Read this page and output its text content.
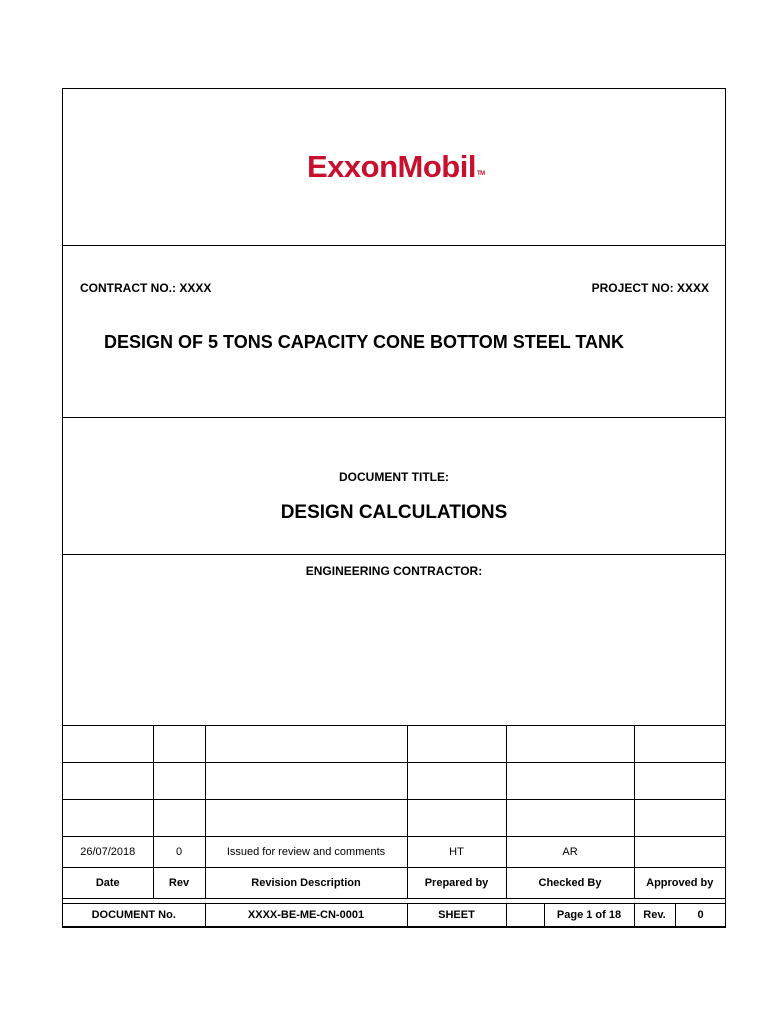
ExxonMobilTM
CONTRACT NO.: XXXX	PROJECT NO: XXXX
DESIGN OF 5 TONS CAPACITY CONE BOTTOM STEEL TANK
DOCUMENT TITLE:
DESIGN CALCULATIONS
ENGINEERING CONTRACTOR:

26/07/2018	0	Issued for review and comments	HT	AR		
Date	Rev	Revision Description	Prepared by	Checked By		Approved by

DOCUMENT No.		XXXX-BE-ME-CN-0001	SHEET		Page 1 of 18	Rev. 0
